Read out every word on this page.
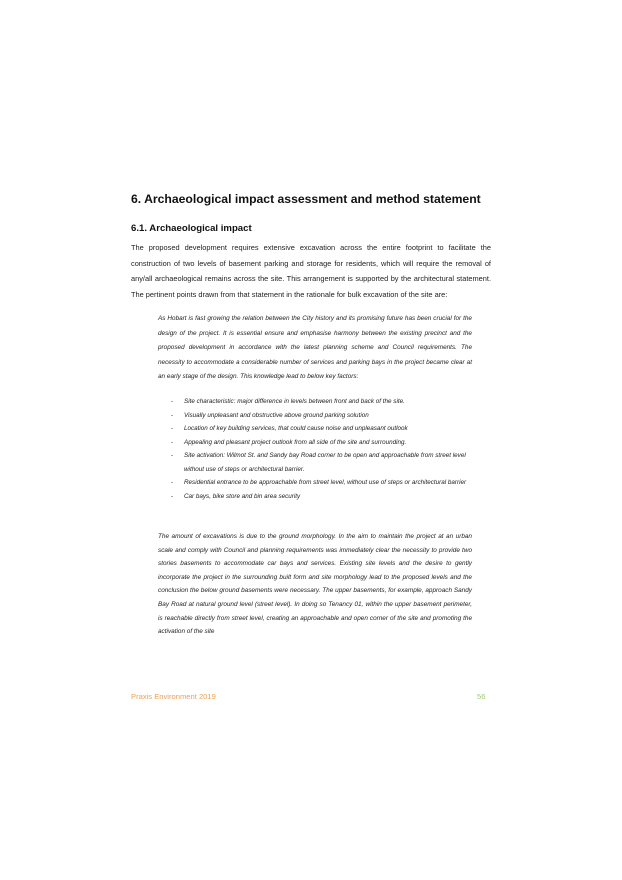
6. Archaeological impact assessment and method statement
6.1. Archaeological impact

The proposed development requires extensive excavation across the entire footprint to facilitate the construction of two levels of basement parking and storage for residents, which will require the removal of any/all archaeological remains across the site. This arrangement is supported by the architectural statement. The pertinent points drawn from that statement in the rationale for bulk excavation of the site are:

As Hobart is fast growing the relation between the City history and its promising future has been crucial for the design of the project. It is essential ensure and emphasise harmony between the existing precinct and the proposed development in accordance with the latest planning scheme and Council requirements. The necessity to accommodate a considerable number of services and parking bays in the project became clear at an early stage of the design. This knowledge lead to below key factors:

- Site characteristic: major difference in levels between front and back of the site.
- Visually unpleasant and obstructive above ground parking solution
- Location of key building services, that could cause noise and unpleasant outlook
- Appealing and pleasant project outlook from all side of the site and surrounding.
- Site activation: Wilmot St. and Sandy bay Road corner to be open and approachable from street level without use of steps or architectural barrier.
- Residential entrance to be approachable from street level, without use of steps or architectural barrier
- Car bays, bike store and bin area security

The amount of excavations is due to the ground morphology. In the aim to maintain the project at an urban scale and comply with Council and planning requirements was immediately clear the necessity to provide two stories basements to accommodate car bays and services. Existing site levels and the desire to gently incorporate the project in the surrounding built form and site morphology lead to the proposed levels and the conclusion the below ground basements were necessary. The upper basements, for example, approach Sandy Bay Road at natural ground level (street level). In doing so Tenancy 01, within the upper basement perimeter, is reachable directly from street level, creating an approachable and open corner of the site and promoting the activation of the site

Praxis Environment 2019	56
